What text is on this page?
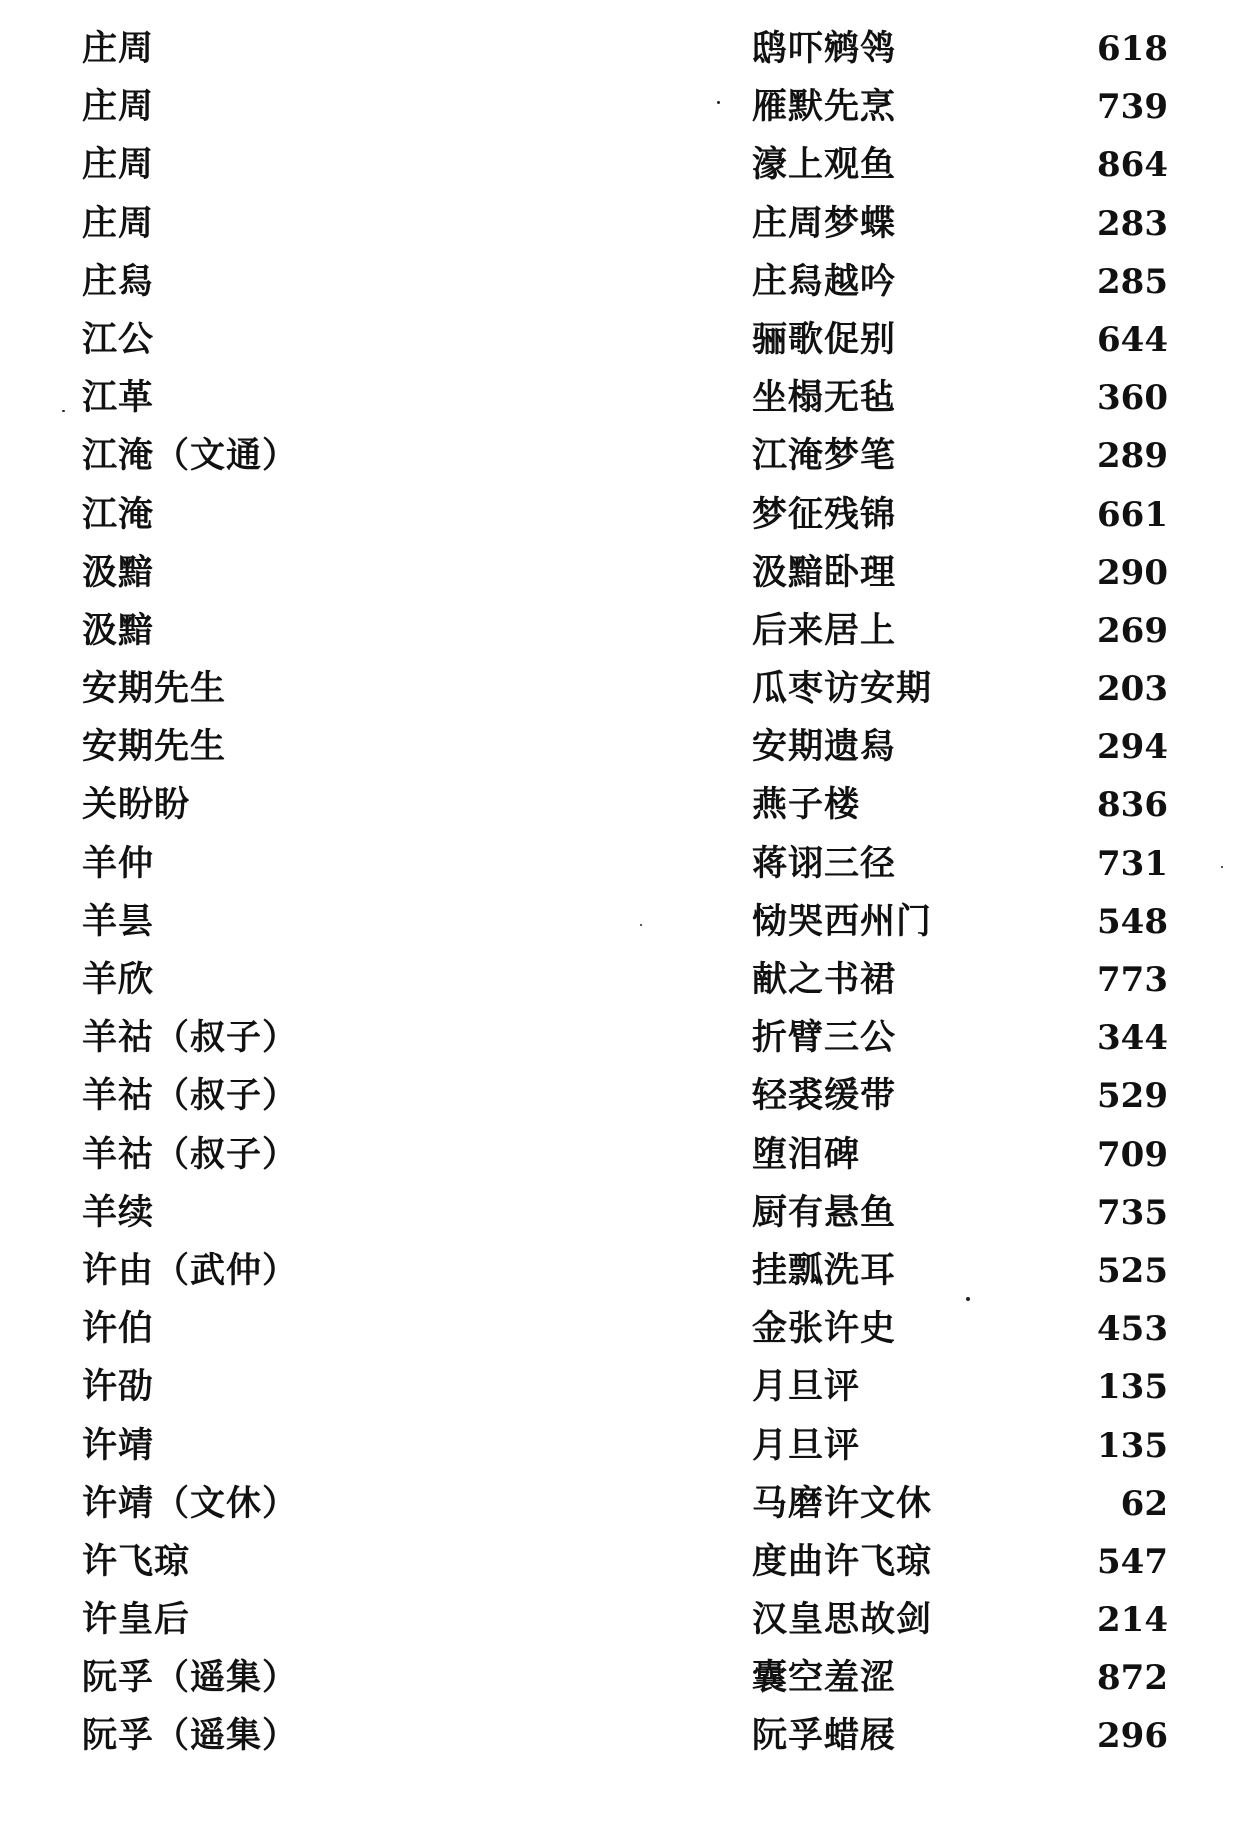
庄周	鸱吓鹓鸰	618
庄周	雁默先烹	739
庄周	濠上观鱼	864
庄周	庄周梦蝶	283
庄舄	庄舄越吟	285
江公	骊歌促别	644
江革	坐榻无毡	360
江淹（文通）	江淹梦笔	289
江淹	梦征残锦	661
汲黯	汲黯卧理	290
汲黯	后来居上	269
安期先生	瓜枣访安期	203
安期先生	安期遗舄	294
关盼盼	燕子楼	836
羊仲	蒋诩三径	731
羊昙	恸哭西州门	548
羊欣	献之书裙	773
羊祜（叔子）	折臂三公	344
羊祜（叔子）	轻裘缓带	529
羊祜（叔子）	堕泪碑	709
羊续	厨有悬鱼	735
许由（武仲）	挂瓢洗耳	525
许伯	金张许史	453
许劭	月旦评	135
许靖	月旦评	135
许靖（文休）	马磨许文休	62
许飞琼	度曲许飞琼	547
许皇后	汉皇思故剑	214
阮孚（遥集）	囊空羞涩	872
阮孚（遥集）	阮孚蜡屐	296
